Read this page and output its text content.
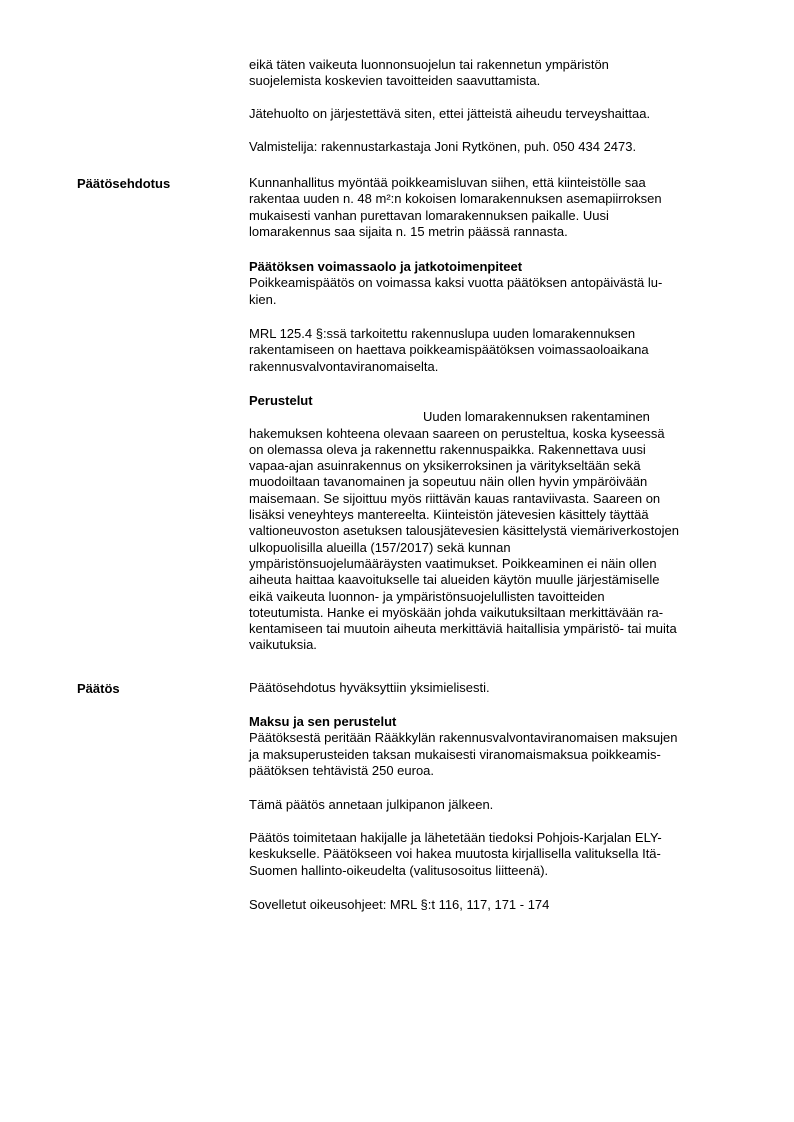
eikä täten vaikeuta luonnonsuojelun tai rakennetun ympäristön
suojelemista koskevien tavoitteiden saavuttamista.
Jätehuolto on järjestettävä siten, ettei jätteistä aiheudu terveyshaittaa.
Valmistelija: rakennustarkastaja Joni Rytkönen, puh. 050 434 2473.
Päätösehdotus	Kunnanhallitus myöntää poikkeamisluvan siihen, että kiinteistölle saa
rakentaa uuden n. 48 m²:n kokoisen lomarakennuksen asemapiirroksen
mukaisesti vanhan purettavan lomarakennuksen paikalle. Uusi
lomarakennus saa sijaita n. 15 metrin päässä rannasta.
Päätöksen voimassaolo ja jatkotoimenpiteet
Poikkeamispäätös on voimassa kaksi vuotta päätöksen antopäivästä lu-
kien.
MRL 125.4 §:ssä tarkoitettu rakennuslupa uuden lomarakennuksen
rakentamiseen on haettava poikkeamispäätöksen voimassaoloaikana
rakennusvalvontaviranomaiselta.
Perustelut
Uuden lomarakennuksen rakentaminen
hakemuksen kohteena olevaan saareen on perusteltua, koska kyseessä
on olemassa oleva ja rakennettu rakennuspaikka. Rakennettava uusi
vapaa-ajan asuinrakennus on yksikerroksinen ja väritykseltään sekä
muodoiltaan tavanomainen ja sopeutuu näin ollen hyvin ympäröivään
maisemaan. Se sijoittuu myös riittävän kauas rantaviivasta. Saareen on
lisäksi veneyhteys mantereelta. Kiinteistön jätevesien käsittely täyttää
valtioneuvoston asetuksen talousjätevesien käsittelystä viemäriverkostojen
ulkopuolisilla alueilla (157/2017) sekä kunnan
ympäristönsuojelumääräysten vaatimukset. Poikkeaminen ei näin ollen
aiheuta haittaa kaavoitukselle tai alueiden käytön muulle järjestämiselle
eikä vaikeuta luonnon- ja ympäristönsuojelullisten tavoitteiden
toteutumista. Hanke ei myöskään johda vaikutuksiltaan merkittävään ra-
kentamiseen tai muutoin aiheuta merkittäviä haitallisia ympäristö- tai muita
vaikutuksia.
Päätös	Päätösehdotus hyväksyttiin yksimielisesti.
Maksu ja sen perustelut
Päätöksestä peritään Rääkkylän rakennusvalvontaviranomaisen maksujen
ja maksuperusteiden taksan mukaisesti viranomaismaksua poikkeamis-
päätöksen tehtävistä 250 euroa.
Tämä päätös annetaan julkipanon jälkeen.
Päätös toimitetaan hakijalle ja lähetetään tiedoksi Pohjois-Karjalan ELY-
keskukselle. Päätökseen voi hakea muutosta kirjallisella valituksella Itä-
Suomen hallinto-oikeudelta (valitusosoitus liitteenä).
Sovelletut oikeusohjeet: MRL §:t 116, 117, 171 - 174
